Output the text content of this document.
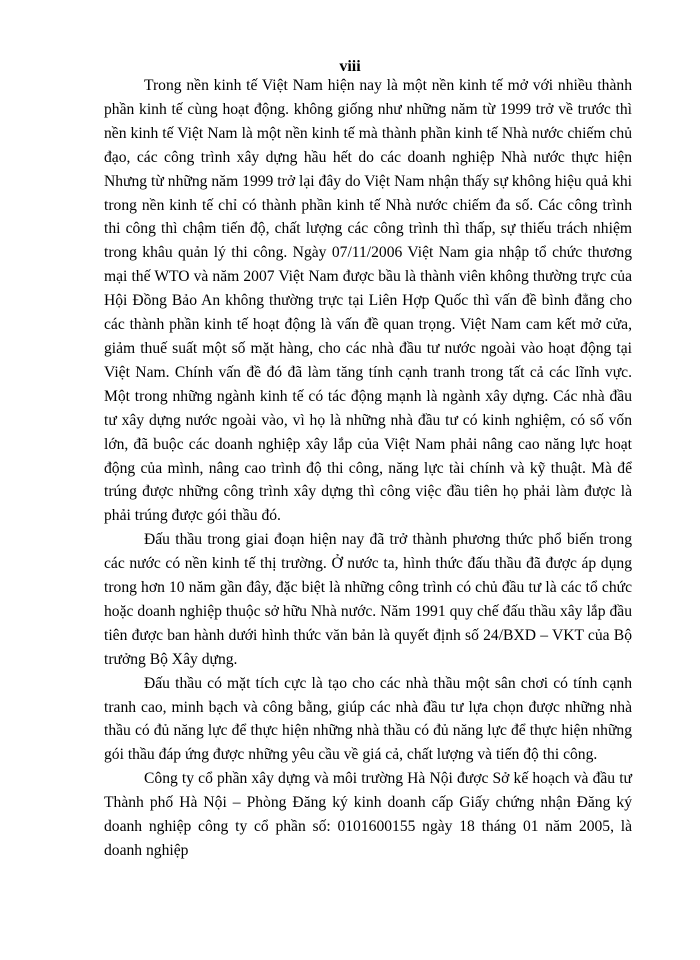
viii

Trong nền kinh tế Việt Nam hiện nay là một nền kinh tế mở với nhiều thành phần kinh tế cùng hoạt động. không giống như những năm từ 1999 trở về trước thì nền kinh tế Việt Nam là một nền kinh tế mà thành phần kinh tế Nhà nước chiếm chủ đạo, các công trình xây dựng hầu hết do các doanh nghiệp Nhà nước thực hiện Nhưng từ những năm 1999 trở lại đây do Việt Nam nhận thấy sự không hiệu quả khi trong nền kinh tế chỉ có thành phần kinh tế Nhà nước chiếm đa số. Các công trình thi công thì chậm tiến độ, chất lượng các công trình thì thấp, sự thiếu trách nhiệm trong khâu quản lý thi công. Ngày 07/11/2006 Việt Nam gia nhập tổ chức thương mại thế WTO và năm 2007 Việt Nam được bầu là thành viên không thường trực của Hội Đồng Bảo An không thường trực tại Liên Hợp Quốc thì vấn đề bình đẳng cho các thành phần kinh tế hoạt động là vấn đề quan trọng. Việt Nam cam kết mở cửa, giảm thuế suất một số mặt hàng, cho các nhà đầu tư nước ngoài vào hoạt động tại Việt Nam. Chính vấn đề đó đã làm tăng tính cạnh tranh trong tất cả các lĩnh vực. Một trong những ngành kinh tế có tác động mạnh là ngành xây dựng. Các nhà đầu tư xây dựng nước ngoài vào, vì họ là những nhà đầu tư có kinh nghiệm, có số vốn lớn, đã buộc các doanh nghiệp xây lắp của Việt Nam phải nâng cao năng lực hoạt động của mình, nâng cao trình độ thi công, năng lực tài chính và kỹ thuật. Mà để trúng được những công trình xây dựng thì công việc đầu tiên họ phải làm được là phải trúng được gói thầu đó.

Đấu thầu trong giai đoạn hiện nay đã trở thành phương thức phổ biến trong các nước có nền kinh tế thị trường. Ở nước ta, hình thức đấu thầu đã được áp dụng trong hơn 10 năm gần đây, đặc biệt là những công trình có chủ đầu tư là các tổ chức hoặc doanh nghiệp thuộc sở hữu Nhà nước. Năm 1991 quy chế đấu thầu xây lắp đầu tiên được ban hành dưới hình thức văn bản là quyết định số 24/BXD – VKT của Bộ trưởng Bộ Xây dựng.

Đấu thầu có mặt tích cực là tạo cho các nhà thầu một sân chơi có tính cạnh tranh cao, minh bạch và công bằng, giúp các nhà đầu tư lựa chọn được những nhà thầu có đủ năng lực để thực hiện những nhà thầu có đủ năng lực để thực hiện những gói thầu đáp ứng được những yêu cầu về giá cả, chất lượng và tiến độ thi công.

Công ty cổ phần xây dựng và môi trường Hà Nội được Sở kế hoạch và đầu tư Thành phố Hà Nội – Phòng Đăng ký kinh doanh cấp Giấy chứng nhận Đăng ký doanh nghiệp công ty cổ phần số: 0101600155 ngày 18 tháng 01 năm 2005, là doanh nghiệp
